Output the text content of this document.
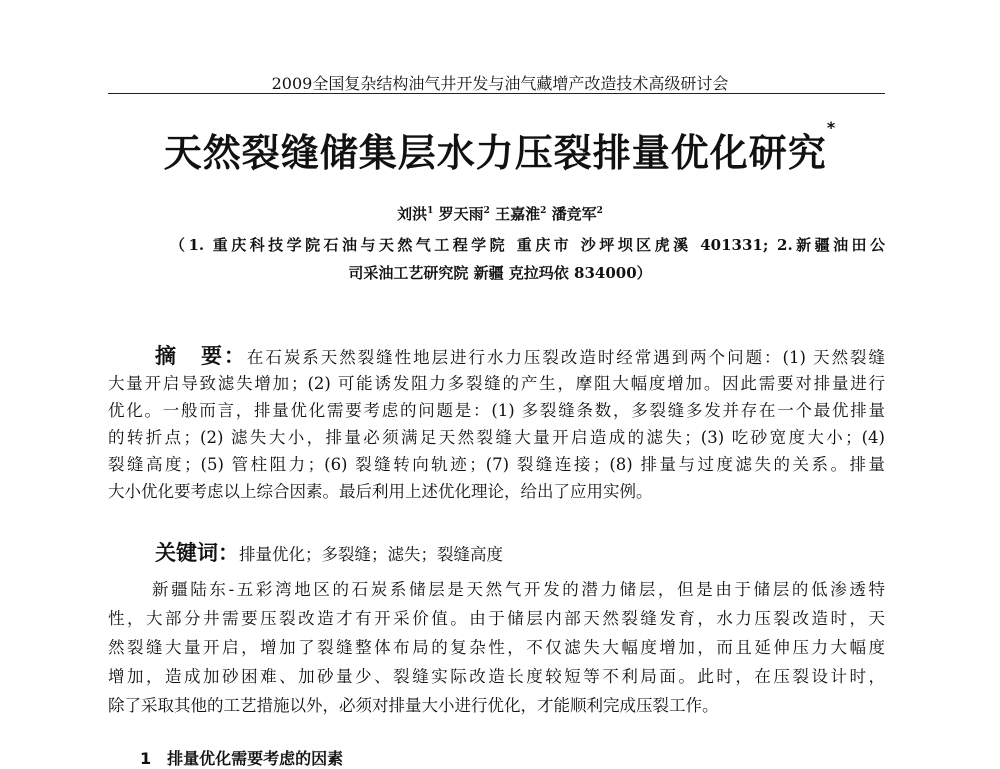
2009全国复杂结构油气井开发与油气藏增产改造技术高级研讨会
天然裂缝储集层水力压裂排量优化研究*
刘洪$^1$ 罗天雨$^2$ 王嘉淮$^2$ 潘竞军$^2$
（1. 重庆科技学院石油与天然气工程学院 重庆市 沙坪坝区虎溪 401331; 2.新疆油田公
司采油工艺研究院 新疆 克拉玛依 834000）
摘　要：在石炭系天然裂缝性地层进行水力压裂改造时经常遇到两个问题：(1) 天然裂缝
大量开启导致滤失增加；(2) 可能诱发阻力多裂缝的产生，摩阻大幅度增加。因此需要对排量进行
优化。一般而言，排量优化需要考虑的问题是：(1) 多裂缝条数，多裂缝多发并存在一个最优排量
的转折点；(2) 滤失大小，排量必须满足天然裂缝大量开启造成的滤失；(3) 吃砂宽度大小；(4)
裂缝高度；(5) 管柱阻力；(6) 裂缝转向轨迹；(7) 裂缝连接；(8) 排量与过度滤失的关系。排量
大小优化要考虑以上综合因素。最后利用上述优化理论，给出了应用实例。
关键词：排量优化；多裂缝；滤失；裂缝高度
新疆陆东-五彩湾地区的石炭系储层是天然气开发的潜力储层，但是由于储层的低渗透特
性，大部分井需要压裂改造才有开采价值。由于储层内部天然裂缝发育，水力压裂改造时，天
然裂缝大量开启，增加了裂缝整体布局的复杂性，不仅滤失大幅度增加，而且延伸压力大幅度
增加，造成加砂困难、加砂量少、裂缝实际改造长度较短等不利局面。此时，在压裂设计时，
除了采取其他的工艺措施以外，必须对排量大小进行优化，才能顺利完成压裂工作。
1　排量优化需要考虑的因素
